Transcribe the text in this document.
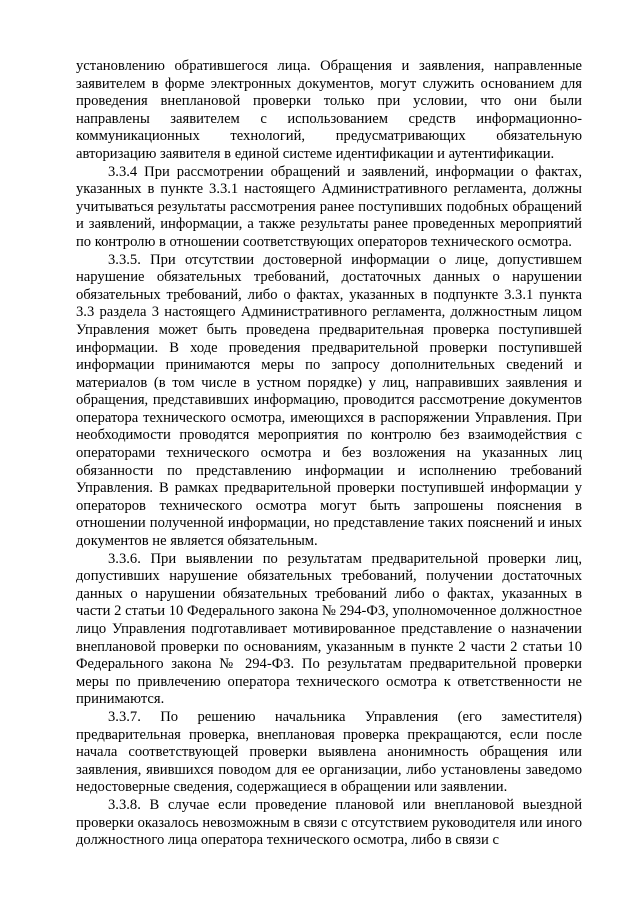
установлению обратившегося лица. Обращения и заявления, направленные заявителем в форме электронных документов, могут служить основанием для проведения внеплановой проверки только при условии, что они были направлены заявителем с использованием средств информационно-коммуникационных технологий, предусматривающих обязательную авторизацию заявителя в единой системе идентификации и аутентификации.

3.3.4 При рассмотрении обращений и заявлений, информации о фактах, указанных в пункте 3.3.1 настоящего Административного регламента, должны учитываться результаты рассмотрения ранее поступивших подобных обращений и заявлений, информации, а также результаты ранее проведенных мероприятий по контролю в отношении соответствующих операторов технического осмотра.

3.3.5. При отсутствии достоверной информации о лице, допустившем нарушение обязательных требований, достаточных данных о нарушении обязательных требований, либо о фактах, указанных в подпункте 3.3.1 пункта 3.3 раздела 3 настоящего Административного регламента, должностным лицом Управления может быть проведена предварительная проверка поступившей информации. В ходе проведения предварительной проверки поступившей информации принимаются меры по запросу дополнительных сведений и материалов (в том числе в устном порядке) у лиц, направивших заявления и обращения, представивших информацию, проводится рассмотрение документов оператора технического осмотра, имеющихся в распоряжении Управления. При необходимости проводятся мероприятия по контролю без взаимодействия с операторами технического осмотра и без возложения на указанных лиц обязанности по представлению информации и исполнению требований Управления. В рамках предварительной проверки поступившей информации у операторов технического осмотра могут быть запрошены пояснения в отношении полученной информации, но представление таких пояснений и иных документов не является обязательным.

3.3.6. При выявлении по результатам предварительной проверки лиц, допустивших нарушение обязательных требований, получении достаточных данных о нарушении обязательных требований либо о фактах, указанных в части 2 статьи 10 Федерального закона № 294-ФЗ, уполномоченное должностное лицо Управления подготавливает мотивированное представление о назначении внеплановой проверки по основаниям, указанным в пункте 2 части 2 статьи 10 Федерального закона № 294-ФЗ. По результатам предварительной проверки меры по привлечению оператора технического осмотра к ответственности не принимаются.

3.3.7. По решению начальника Управления (его заместителя) предварительная проверка, внеплановая проверка прекращаются, если после начала соответствующей проверки выявлена анонимность обращения или заявления, явившихся поводом для ее организации, либо установлены заведомо недостоверные сведения, содержащиеся в обращении или заявлении.

3.3.8. В случае если проведение плановой или внеплановой выездной проверки оказалось невозможным в связи с отсутствием руководителя или иного должностного лица оператора технического осмотра, либо в связи с
